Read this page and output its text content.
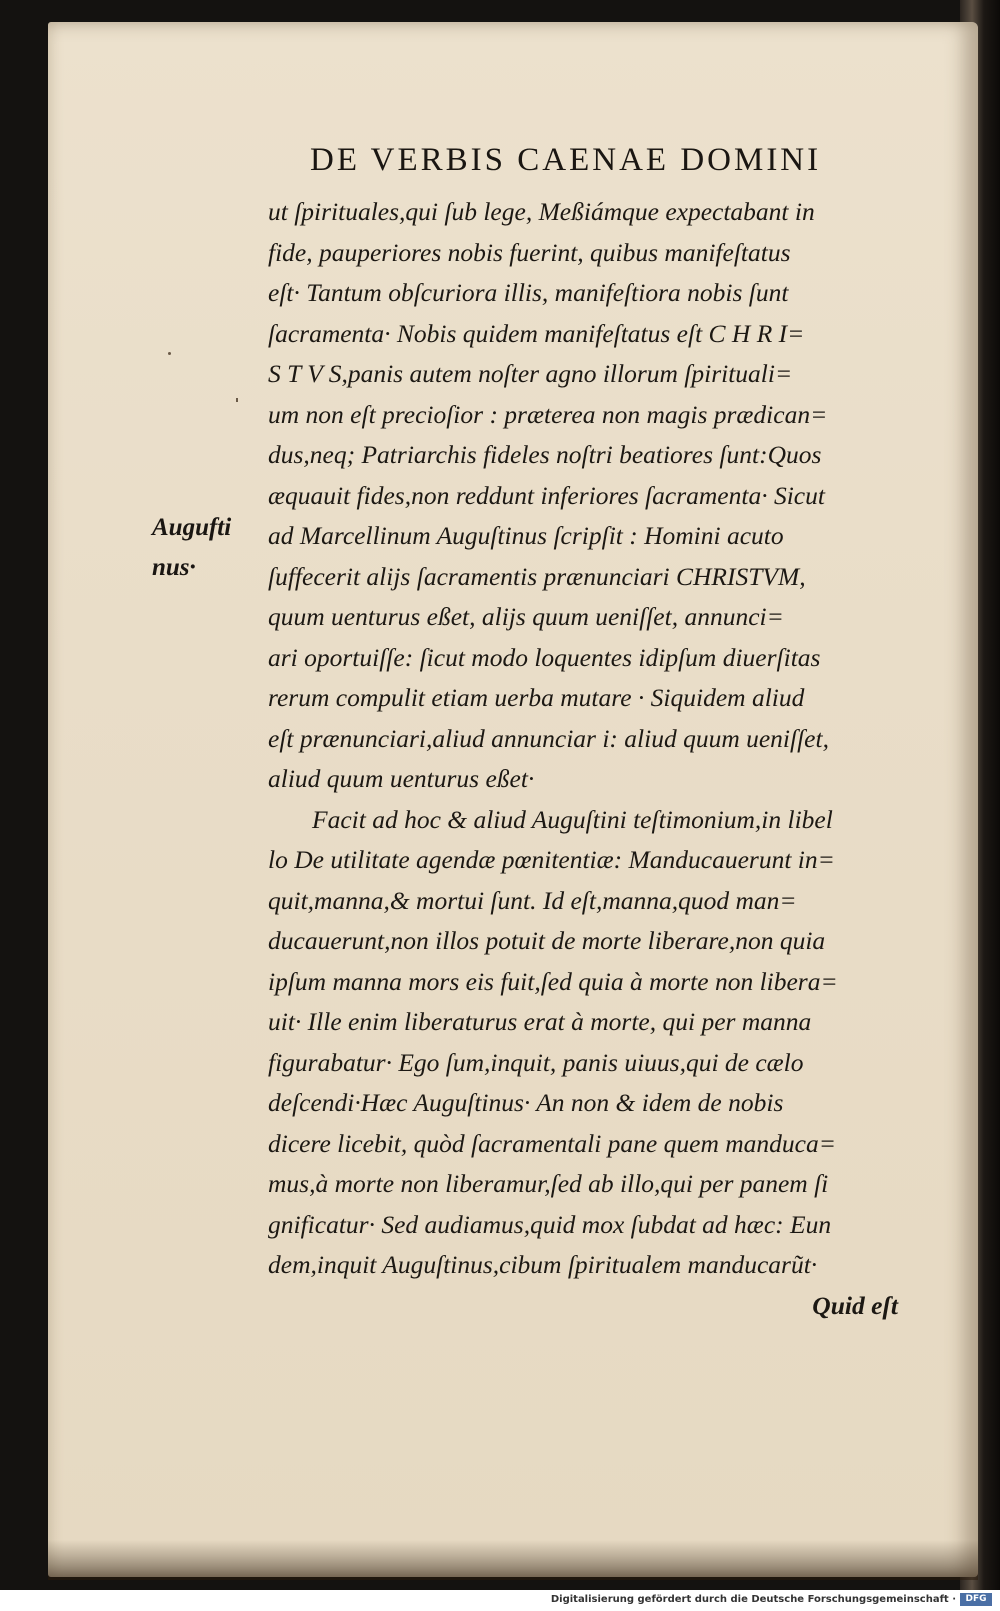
DE VERBIS CAENAE DOMINI
Augufti
nus·
ut ſpirituales,qui ſub lege, Meßiámque expectabant in
fide, pauperiores nobis fuerint, quibus manifeſtatus
eſt· Tantum obſcuriora illis, manifeſtiora nobis ſunt
ſacramenta· Nobis quidem manifeſtatus eſt C H R I=
S T V S,panis autem noſter agno illorum ſpirituali=
um non eſt precioſior : præterea non magis prædican=
dus,neq; Patriarchis fideles noſtri beatiores ſunt:Quos
æquauit fides,non reddunt inferiores ſacramenta· Sicut
ad Marcellinum Auguſtinus ſcripſit : Homini acuto
ſuffecerit alijs ſacramentis prænunciari CHRISTVM,
quum uenturus eßet, alijs quum ueniſſet, annunci=
ari oportuiſſe: ſicut modo loquentes idipſum diuerſitas
rerum compulit etiam uerba mutare · Siquidem aliud
eſt prænunciari,aliud annunciar i: aliud quum ueniſſet,
aliud quum uenturus eßet·
Facit ad hoc & aliud Auguſtini teſtimonium,in libel
lo De utilitate agendæ pœnitentiæ: Manducauerunt in=
quit,manna,& mortui ſunt. Id eſt,manna,quod man=
ducauerunt,non illos potuit de morte liberare,non quia
ipſum manna mors eis fuit,ſed quia à morte non libera=
uit· Ille enim liberaturus erat à morte, qui per manna
figurabatur· Ego ſum,inquit, panis uiuus,qui de cælo
deſcendi·Hæc Auguſtinus· An non & idem de nobis
dicere licebit, quòd ſacramentali pane quem manduca=
mus,à morte non liberamur,ſed ab illo,qui per panem ſi
gnificatur· Sed audiamus,quid mox ſubdat ad hæc: Eun
dem,inquit Auguſtinus,cibum ſpiritualem manducarũt·
Quid eſt
Digitalisierung gefördert durch die Deutsche Forschungsgemeinschaft ·	DFG
